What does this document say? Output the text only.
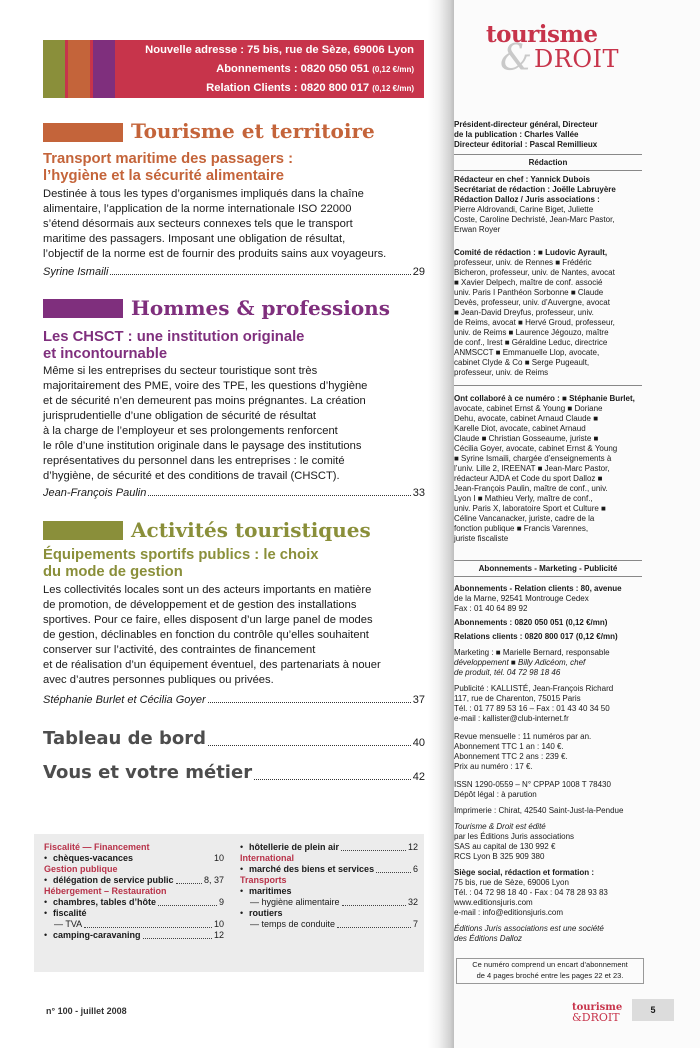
Nouvelle adresse : 75 bis, rue de Sèze, 69006 Lyon
Abonnements : 0820 050 051 (0,12 €/mn)
Relation Clients : 0820 800 017 (0,12 €/mn)
Tourisme et territoire
Transport maritime des passagers :
l’hygiène et la sécurité alimentaire

Destinée à tous les types d’organismes impliqués dans la chaîne

alimentaire, l’application de la norme internationale ISO 22000

s’étend désormais aux secteurs connexes tels que le transport

maritime des passagers. Imposant une obligation de résultat,

l’objectif de la norme est de fournir des produits sains aux voyageurs.

Syrine Ismaili	29
Hommes & professions
Les CHSCT : une institution originale
et incontournable

Même si les entreprises du secteur touristique sont très

majoritairement des PME, voire des TPE, les questions d’hygiène

et de sécurité n’en demeurent pas moins prégnantes. La création

jurisprudentielle d’une obligation de sécurité de résultat

à la charge de l’employeur et ses prolongements renforcent

le rôle d’une institution originale dans le paysage des institutions

représentatives du personnel dans les entreprises : le comité

d’hygiène, de sécurité et des conditions de travail (CHSCT).

Jean-François Paulin	33
Activités touristiques
Équipements sportifs publics : le choix
du mode de gestion

Les collectivités locales sont un des acteurs importants en matière

de promotion, de développement et de gestion des installations

sportives. Pour ce faire, elles disposent d’un large panel de modes

de gestion, déclinables en fonction du contrôle qu’elles souhaitent

conserver sur l’activité, des contraintes de financement

et de réalisation d’un équipement éventuel, des partenariats à nouer

avec d’autres personnes publiques ou privées.

Stéphanie Burlet et Cécilia Goyer	37
Tableau de bord	40
Vous et votre métier	42
Fiscalité — Financement
• chèques-vacances	10
Gestion publique
• délégation de service public	8, 37
Hébergement – Restauration
• chambres, tables d’hôte	9
• fiscalité
— TVA	10
• camping-caravaning	12
• hôtellerie de plein air	12
International
• marché des biens et services	6
Transports
• maritimes
— hygiène alimentaire	32
• routiers
— temps de conduite	7
n° 100 - juillet 2008
tourisme
& DROIT

Président-directeur général, Directeur

de la publication : Charles Vallée

Directeur éditorial : Pascal Remillieux

Rédaction

Rédacteur en chef : Yannick Dubois

Secrétariat de rédaction : Joëlle Labruyère

Rédaction Dalloz / Juris associations :

Pierre Aldrovandi, Carine Biget, Juliette

Coste, Caroline Dechristé, Jean-Marc Pastor,

Erwan Royer

Comité de rédaction : ■ Ludovic Ayrault,

professeur, univ. de Rennes ■ Frédéric

Bicheron, professeur, univ. de Nantes, avocat

■ Xavier Delpech, maître de conf. associé

univ. Paris I Panthéon Sorbonne ■ Claude

Devès, professeur, univ. d’Auvergne, avocat

■ Jean-David Dreyfus, professeur, univ.

de Reims, avocat ■ Hervé Groud, professeur,

univ. de Reims ■ Laurence Jégouzo, maître

de conf., Irest ■ Géraldine Leduc, directrice

ANMSCCT ■ Emmanuelle Llop, avocate,

cabinet Clyde & Co ■ Serge Pugeault,

professeur, univ. de Reims

Ont collaboré à ce numéro : ■ Stéphanie Burlet,

avocate, cabinet Ernst & Young ■ Doriane

Dehu, avocate, cabinet Arnaud Claude ■

Karelle Diot, avocate, cabinet Arnaud

Claude ■ Christian Gosseaume, juriste ■

Cécilia Goyer, avocate, cabinet Ernst & Young

■ Syrine Ismaili, chargée d’enseignements à

l’univ. Lille 2, IREENAT ■ Jean-Marc Pastor,

rédacteur AJDA et Code du sport Dalloz ■

Jean-François Paulin, maître de conf., univ.

Lyon I ■ Mathieu Verly, maître de conf.,

univ. Paris X, laboratoire Sport et Culture ■

Céline Vancanacker, juriste, cadre de la

fonction publique ■ Francis Varennes,

juriste fiscaliste

Abonnements - Marketing - Publicité

Abonnements - Relation clients : 80, avenue

de la Marne, 92541 Montrouge Cedex

Fax : 01 40 64 89 92

Abonnements : 0820 050 051 (0,12 €/mn)

Relations clients : 0820 800 017 (0,12 €/mn)

Marketing : ■ Marielle Bernard, responsable

développement ■ Billy Adicéom, chef

de produit, tél. 04 72 98 18 46

Publicité : KALLISTÉ, Jean-François Richard

117, rue de Charenton, 75015 Paris

Tél. : 01 77 89 53 16 – Fax : 01 43 40 34 50

e-mail : kallister@club-internet.fr

Revue mensuelle : 11 numéros par an.

Abonnement TTC 1 an : 140 €.

Abonnement TTC 2 ans : 239 €.

Prix au numéro : 17 €.

ISSN 1290-0559 – N° CPPAP 1008 T 78430

Dépôt légal : à parution

Imprimerie : Chirat, 42540 Saint-Just-la-Pendue

Tourisme & Droit est édité

par les Éditions Juris associations

SAS au capital de 130 992 €

RCS Lyon B 325 909 380

Siège social, rédaction et formation :

75 bis, rue de Sèze, 69006 Lyon

Tél. : 04 72 98 18 40 - Fax : 04 78 28 93 83

www.editionsjuris.com

e-mail : info@editionsjuris.com

Éditions Juris associations est une société

des Éditions Dalloz

Ce numéro comprend un encart d’abonnement
de 4 pages broché entre les pages 22 et 23.
tourisme
&DROIT
5
